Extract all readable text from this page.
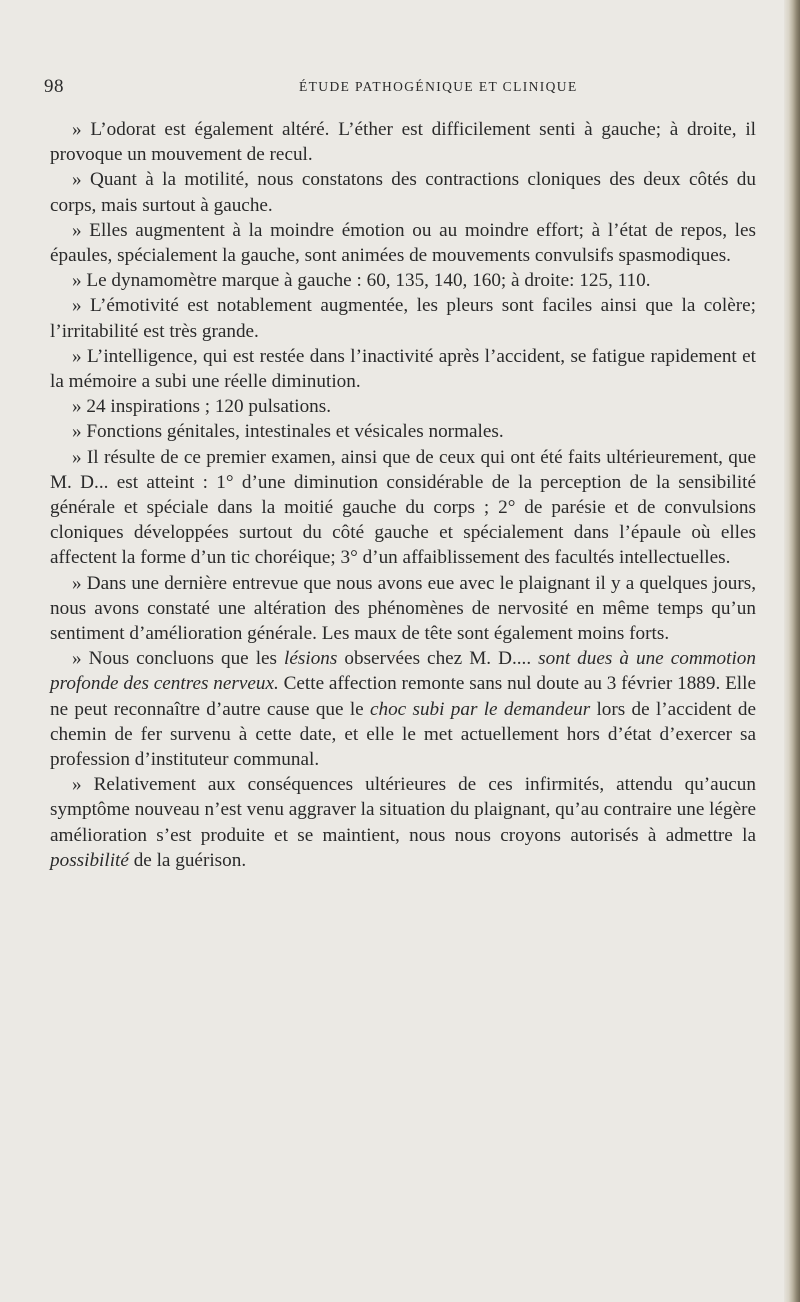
98	ÉTUDE PATHOGÉNIQUE ET CLINIQUE

» L’odorat est également altéré. L’éther est difficilement senti à gauche; à droite, il provoque un mouvement de recul.

» Quant à la motilité, nous constatons des contractions cloniques des deux côtés du corps, mais surtout à gauche.

» Elles augmentent à la moindre émotion ou au moindre effort; à l’état de repos, les épaules, spécialement la gauche, sont animées de mouvements convulsifs spasmodiques.

» Le dynamomètre marque à gauche : 60, 135, 140, 160; à droite: 125, 110.

» L’émotivité est notablement augmentée, les pleurs sont faciles ainsi que la colère; l’irritabilité est très grande.

» L’intelligence, qui est restée dans l’inactivité après l’accident, se fatigue rapidement et la mémoire a subi une réelle diminution.

» 24 inspirations ; 120 pulsations.

» Fonctions génitales, intestinales et vésicales normales.

» Il résulte de ce premier examen, ainsi que de ceux qui ont été faits ultérieurement, que M. D... est atteint : 1° d’une diminution considérable de la perception de la sensibilité générale et spéciale dans la moitié gauche du corps ; 2° de parésie et de convulsions cloniques développées surtout du côté gauche et spécialement dans l’épaule où elles affectent la forme d’un tic choréique; 3° d’un affaiblissement des facultés intellectuelles.

» Dans une dernière entrevue que nous avons eue avec le plaignant il y a quelques jours, nous avons constaté une altération des phénomènes de nervosité en même temps qu’un sentiment d’amélioration générale. Les maux de tête sont également moins forts.

» Nous concluons que les lésions observées chez M. D.... sont dues à une commotion profonde des centres nerveux. Cette affection remonte sans nul doute au 3 février 1889. Elle ne peut reconnaître d’autre cause que le choc subi par le demandeur lors de l’accident de chemin de fer survenu à cette date, et elle le met actuellement hors d’état d’exercer sa profession d’instituteur communal.

» Relativement aux conséquences ultérieures de ces infirmités, attendu qu’aucun symptôme nouveau n’est venu aggraver la situation du plaignant, qu’au contraire une légère amélioration s’est produite et se maintient, nous nous croyons autorisés à admettre la possibilité de la guérison.
